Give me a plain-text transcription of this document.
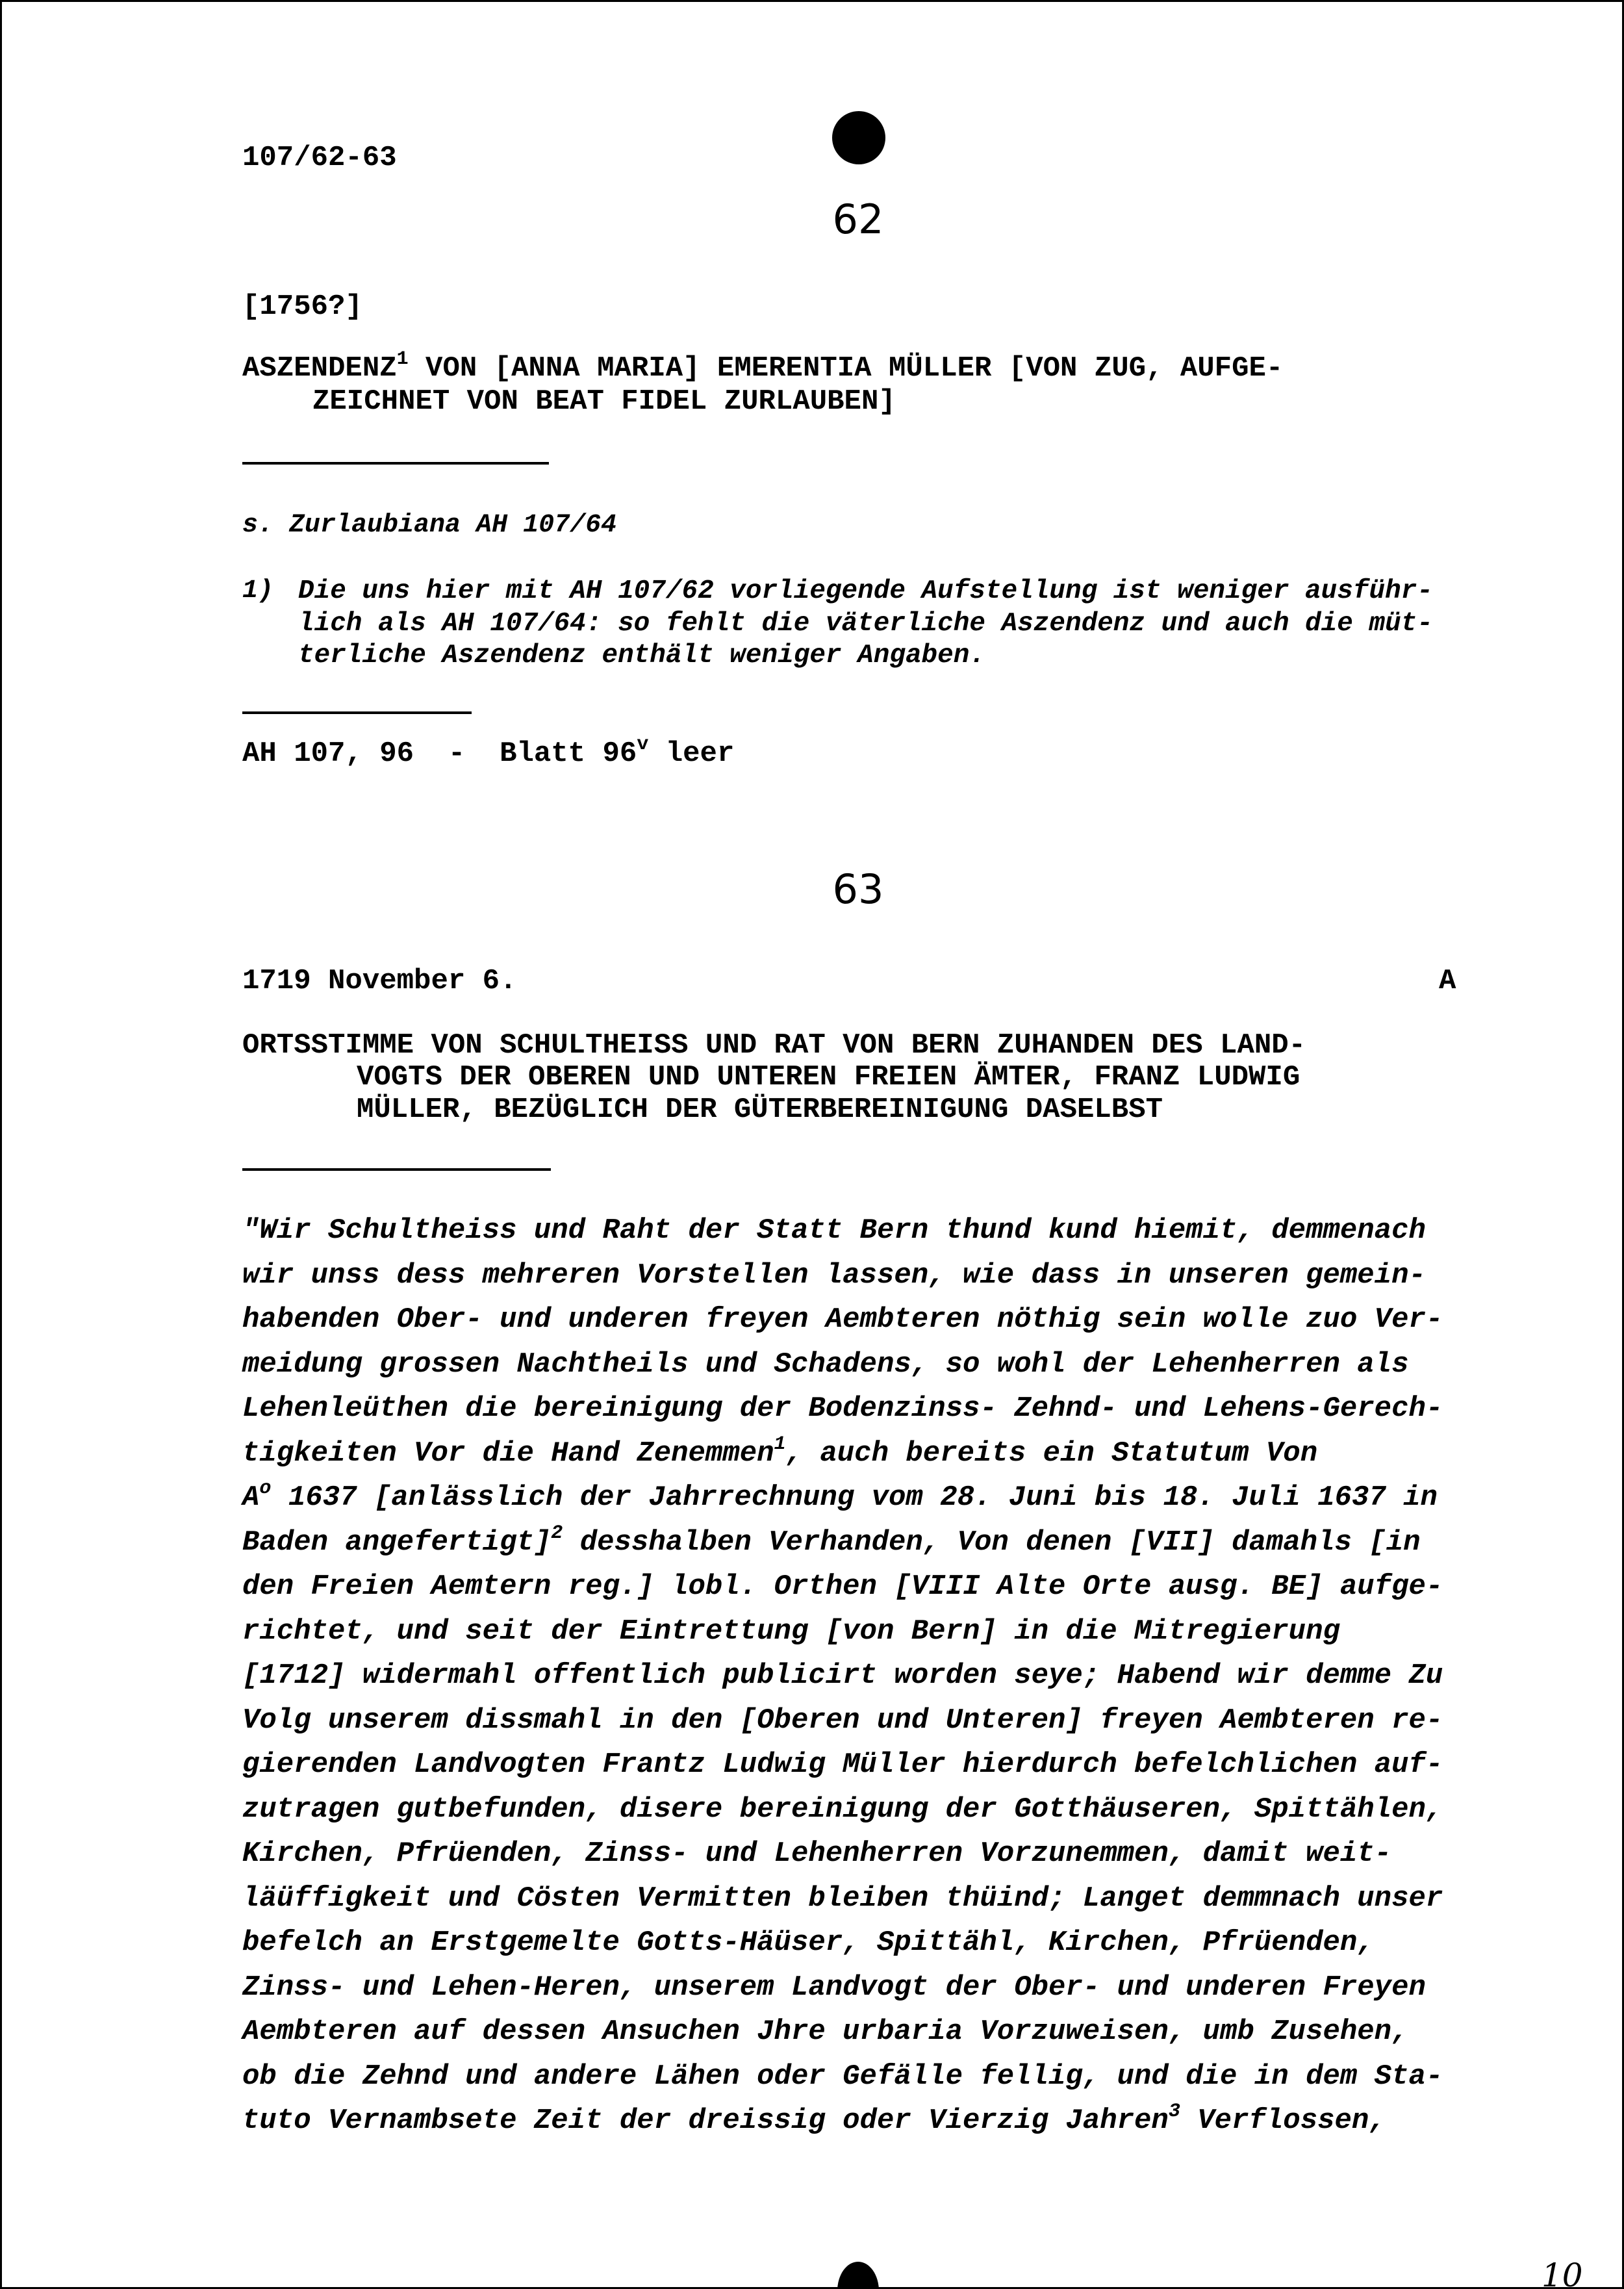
107/62-63
62
[1756?]
ASZENDENZ$^1$ VON [ANNA MARIA] EMERENTIA MÜLLER [VON ZUG, AUFGE-
ZEICHNET VON BEAT FIDEL ZURLAUBEN]
s. Zurlaubiana AH 107/64
1) Die uns hier mit AH 107/62 vorliegende Aufstellung ist weniger ausführ-
lich als AH 107/64: so fehlt die väterliche Aszendenz und auch die müt-
terliche Aszendenz enthält weniger Angaben.
AH 107, 96  -  Blatt 96$^v$ leer
63
1719 November 6.	A
ORTSSTIMME VON SCHULTHEISS UND RAT VON BERN ZUHANDEN DES LAND-
VOGTS DER OBEREN UND UNTEREN FREIEN ÄMTER, FRANZ LUDWIG
MÜLLER, BEZÜGLICH DER GÜTERBEREINIGUNG DASELBST
"Wir Schultheiss und Raht der Statt Bern thund kund hiemit, demmenach
wir unss dess mehreren Vorstellen lassen, wie dass in unseren gemein-
habenden Ober- und underen freyen Aembteren nöthig sein wolle zuo Ver-
meidung grossen Nachtheils und Schadens, so wohl der Lehenherren als
Lehenleüthen die bereinigung der Bodenzinss- Zehnd- und Lehens-Gerech-
tigkeiten Vor die Hand Zenemmen$^1$, auch bereits ein Statutum Von
$A^o$ 1637 [anlässlich der Jahrrechnung vom 28. Juni bis 18. Juli 1637 in
Baden angefertigt]$^2$ desshalben Verhanden, Von denen [VII] damahls [in
den Freien Aemtern reg.] lobl. Orthen [VIII Alte Orte ausg. BE] aufge-
richtet, und seit der Eintrettung [von Bern] in die Mitregierung
[1712] widermahl offentlich publicirt worden seye; Habend wir demme Zu
Volg unserem dissmahl in den [Oberen und Unteren] freyen Aembteren re-
gierenden Landvogten Frantz Ludwig Müller hierdurch befelchlichen auf-
zutragen gutbefunden, disere bereinigung der Gotthäuseren, Spittählen,
Kirchen, Pfrüenden, Zinss- und Lehenherren Vorzunemmen, damit weit-
läüffigkeit und Cösten Vermitten bleiben thüind; Langet demmnach unser
befelch an Erstgemelte Gotts-Häüser, Spittähl, Kirchen, Pfrüenden,
Zinss- und Lehen-Heren, unserem Landvogt der Ober- und underen Freyen
Aembteren auf dessen Ansuchen Jhre urbaria Vorzuweisen, umb Zusehen,
ob die Zehnd und andere Lähen oder Gefälle fellig, und die in dem Sta-
tuto Vernambsete Zeit der dreissig oder Vierzig Jahren$^3$ Verflossen,
10
